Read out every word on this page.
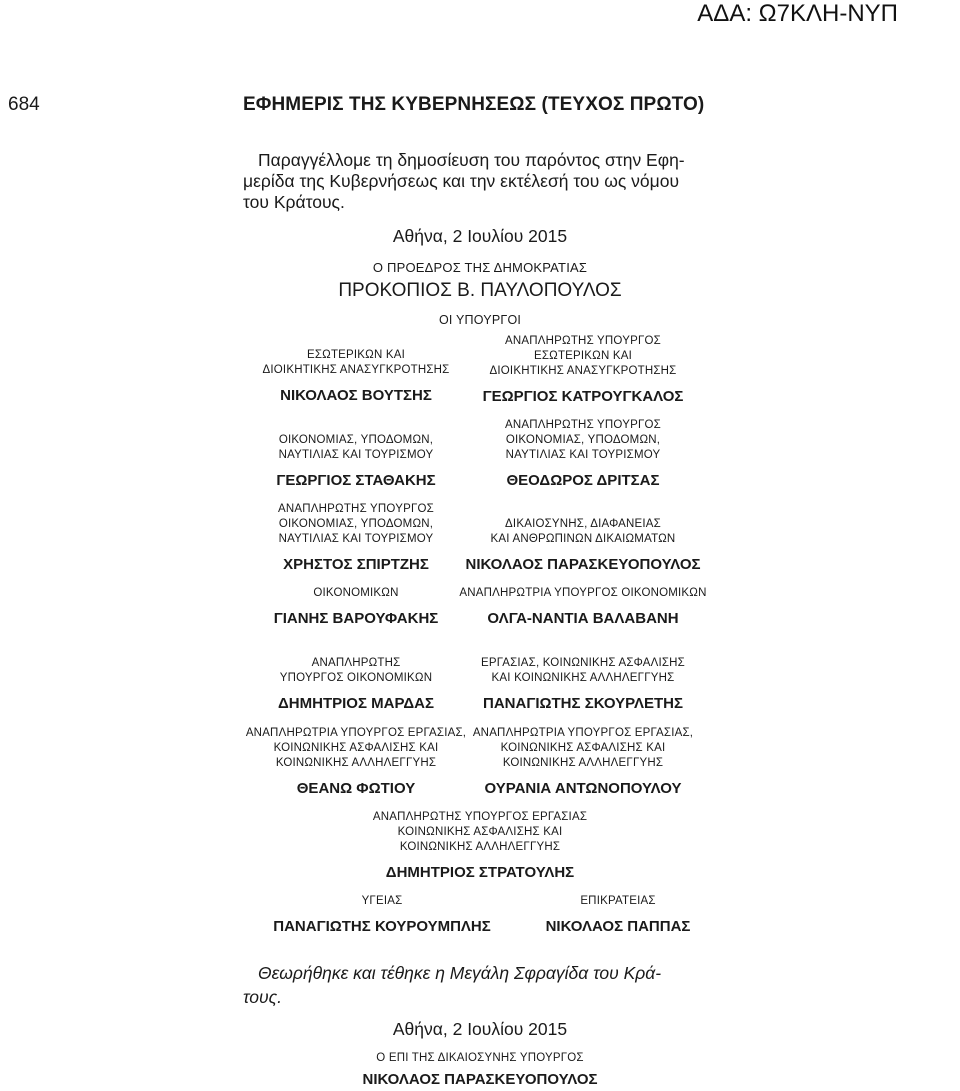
ΑΔΑ: Ω7ΚΛΗ-ΝΥΠ
684	ΕΦΗΜΕΡΙΣ ΤΗΣ ΚΥΒΕΡΝΗΣΕΩΣ (ΤΕΥΧΟΣ ΠΡΩΤΟ)
Παραγγέλλομε τη δημοσίευση του παρόντος στην Εφη-
μερίδα της Κυβερνήσεως και την εκτέλεσή του ως νόμου
του Κράτους.
Αθήνα, 2 Ιουλίου 2015
Ο ΠΡΟΕΔΡΟΣ ΤΗΣ ΔΗΜΟΚΡΑΤΙΑΣ
ΠΡΟΚΟΠΙΟΣ Β. ΠΑΥΛΟΠΟΥΛΟΣ
ΟΙ ΥΠΟΥΡΓΟΙ
ΕΣΩΤΕΡΙΚΩΝ ΚΑΙ
ΔΙΟΙΚΗΤΙΚΗΣ ΑΝΑΣΥΓΚΡΟΤΗΣΗΣ
ΝΙΚΟΛΑΟΣ ΒΟΥΤΣΗΣ
ΑΝΑΠΛΗΡΩΤΗΣ ΥΠΟΥΡΓΟΣ
ΕΣΩΤΕΡΙΚΩΝ ΚΑΙ
ΔΙΟΙΚΗΤΙΚΗΣ ΑΝΑΣΥΓΚΡΟΤΗΣΗΣ
ΓΕΩΡΓΙΟΣ ΚΑΤΡΟΥΓΚΑΛΟΣ
ΟΙΚΟΝΟΜΙΑΣ, ΥΠΟΔΟΜΩΝ,
ΝΑΥΤΙΛΙΑΣ ΚΑΙ ΤΟΥΡΙΣΜΟΥ
ΓΕΩΡΓΙΟΣ ΣΤΑΘΑΚΗΣ
ΑΝΑΠΛΗΡΩΤΗΣ ΥΠΟΥΡΓΟΣ
ΟΙΚΟΝΟΜΙΑΣ, ΥΠΟΔΟΜΩΝ,
ΝΑΥΤΙΛΙΑΣ ΚΑΙ ΤΟΥΡΙΣΜΟΥ
ΘΕΟΔΩΡΟΣ ΔΡΙΤΣΑΣ
ΑΝΑΠΛΗΡΩΤΗΣ ΥΠΟΥΡΓΟΣ
ΟΙΚΟΝΟΜΙΑΣ, ΥΠΟΔΟΜΩΝ,
ΝΑΥΤΙΛΙΑΣ ΚΑΙ ΤΟΥΡΙΣΜΟΥ
ΧΡΗΣΤΟΣ ΣΠΙΡΤΖΗΣ
ΔΙΚΑΙΟΣΥΝΗΣ, ΔΙΑΦΑΝΕΙΑΣ
ΚΑΙ ΑΝΘΡΩΠΙΝΩΝ ΔΙΚΑΙΩΜΑΤΩΝ
ΝΙΚΟΛΑΟΣ ΠΑΡΑΣΚΕΥΟΠΟΥΛΟΣ
ΟΙΚΟΝΟΜΙΚΩΝ
ΓΙΑΝΗΣ ΒΑΡΟΥΦΑΚΗΣ
ΑΝΑΠΛΗΡΩΤΡΙΑ ΥΠΟΥΡΓΟΣ ΟΙΚΟΝΟΜΙΚΩΝ
ΟΛΓΑ-ΝΑΝΤΙΑ ΒΑΛΑΒΑΝΗ
ΑΝΑΠΛΗΡΩΤΗΣ
ΥΠΟΥΡΓΟΣ ΟΙΚΟΝΟΜΙΚΩΝ
ΔΗΜΗΤΡΙΟΣ ΜΑΡΔΑΣ
ΕΡΓΑΣΙΑΣ, ΚΟΙΝΩΝΙΚΗΣ ΑΣΦΑΛΙΣΗΣ
ΚΑΙ ΚΟΙΝΩΝΙΚΗΣ ΑΛΛΗΛΕΓΓΥΗΣ
ΠΑΝΑΓΙΩΤΗΣ ΣΚΟΥΡΛΕΤΗΣ
ΑΝΑΠΛΗΡΩΤΡΙΑ ΥΠΟΥΡΓΟΣ ΕΡΓΑΣΙΑΣ,
ΚΟΙΝΩΝΙΚΗΣ ΑΣΦΑΛΙΣΗΣ ΚΑΙ
ΚΟΙΝΩΝΙΚΗΣ ΑΛΛΗΛΕΓΓΥΗΣ
ΘΕΑΝΩ ΦΩΤΙΟΥ
ΑΝΑΠΛΗΡΩΤΡΙΑ ΥΠΟΥΡΓΟΣ ΕΡΓΑΣΙΑΣ,
ΚΟΙΝΩΝΙΚΗΣ ΑΣΦΑΛΙΣΗΣ ΚΑΙ
ΚΟΙΝΩΝΙΚΗΣ ΑΛΛΗΛΕΓΓΥΗΣ
ΟΥΡΑΝΙΑ ΑΝΤΩΝΟΠΟΥΛΟΥ
ΑΝΑΠΛΗΡΩΤΗΣ ΥΠΟΥΡΓΟΣ ΕΡΓΑΣΙΑΣ
ΚΟΙΝΩΝΙΚΗΣ ΑΣΦΑΛΙΣΗΣ ΚΑΙ
ΚΟΙΝΩΝΙΚΗΣ ΑΛΛΗΛΕΓΓΥΗΣ
ΔΗΜΗΤΡΙΟΣ ΣΤΡΑΤΟΥΛΗΣ
ΥΓΕΙΑΣ
ΠΑΝΑΓΙΩΤΗΣ ΚΟΥΡΟΥΜΠΛΗΣ
ΕΠΙΚΡΑΤΕΙΑΣ
ΝΙΚΟΛΑΟΣ ΠΑΠΠΑΣ
Θεωρήθηκε και τέθηκε η Μεγάλη Σφραγίδα του Κρά-
τους.
Αθήνα, 2 Ιουλίου 2015
Ο ΕΠΙ ΤΗΣ ΔΙΚΑΙΟΣΥΝΗΣ ΥΠΟΥΡΓΟΣ
ΝΙΚΟΛΑΟΣ ΠΑΡΑΣΚΕΥΟΠΟΥΛΟΣ
